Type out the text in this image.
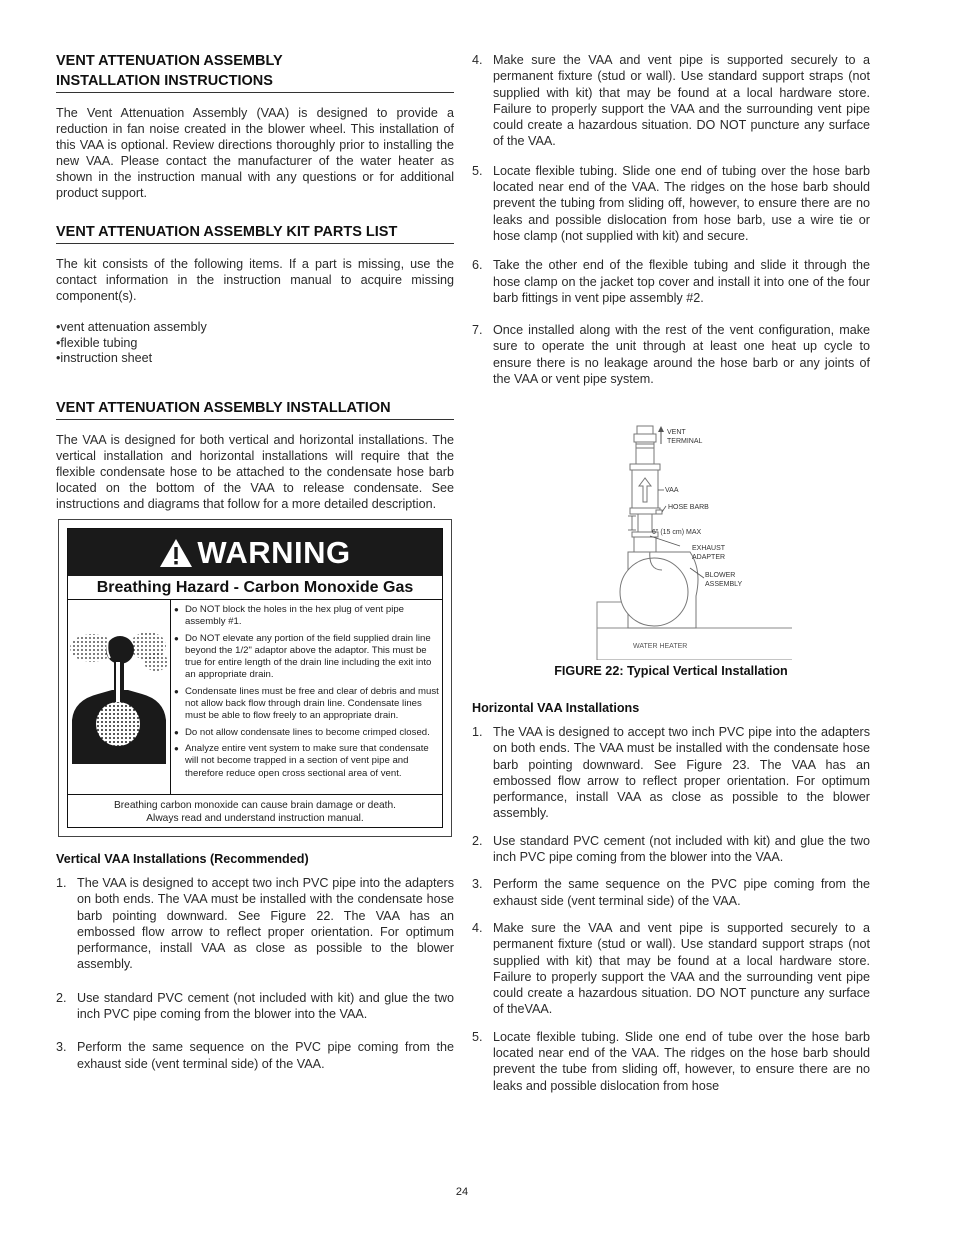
VENT ATTENUATION ASSEMBLY
INSTALLATION INSTRUCTIONS

The Vent Attenuation Assembly (VAA) is designed to provide a reduction in fan noise created in the blower wheel. This installation of this VAA is optional. Review directions thoroughly prior to installing the new VAA. Please contact the manufacturer of the water heater as shown in the instruction manual with any questions or for additional product support.

VENT ATTENUATION ASSEMBLY KIT PARTS LIST

The kit consists of the following items. If a part is missing, use the contact information in the instruction manual to acquire missing component(s).

• vent attenuation assembly
• flexible tubing
• instruction sheet
VENT ATTENUATION ASSEMBLY INSTALLATION

The VAA is designed for both vertical and horizontal installations. The vertical installation and horizontal installations will require that the flexible condensate hose to be attached to the condensate hose barb located on the bottom of the VAA to release condensate. See instructions and diagrams that follow for a more detailed description.

WARNING
Breathing Hazard - Carbon Monoxide Gas
● Do NOT block the holes in the hex plug of vent pipe assembly #1.
● Do NOT elevate any portion of the field supplied drain line beyond the 1/2" adaptor above the adaptor. This must be true for entire length of the drain line including the exit into an appropriate drain.
● Condensate lines must be free and clear of debris and must not allow back flow through drain line. Condensate lines must be able to flow freely to an appropriate drain.
● Do not allow condensate lines to become crimped closed.
● Analyze entire vent system to make sure that condensate will not become trapped in a section of vent pipe and therefore reduce open cross sectional area of vent.
Breathing carbon monoxide can cause brain damage or death.
Always read and understand instruction manual.

Vertical VAA Installations (Recommended)

1. The VAA is designed to accept two inch PVC pipe into the adapters on both ends. The VAA must be installed with the condensate hose barb pointing downward. See Figure 22. The VAA has an embossed flow arrow to reflect proper orientation. For optimum performance, install VAA as close as possible to the blower assembly.
2. Use standard PVC cement (not included with kit) and glue the two inch PVC pipe coming from the blower into the VAA.
3. Perform the same sequence on the PVC pipe coming from the exhaust side (vent terminal side) of the VAA.
4. Make sure the VAA and vent pipe is supported securely to a permanent fixture (stud or wall). Use standard support straps (not supplied with kit) that may be found at a local hardware store. Failure to properly support the VAA and the surrounding vent pipe could create a hazardous situation. DO NOT puncture any surface of the VAA.
5. Locate flexible tubing. Slide one end of tubing over the hose barb located near end of the VAA. The ridges on the hose barb should prevent the tubing from sliding off, however, to ensure there are no leaks and possible dislocation from hose barb, use a wire tie or hose clamp (not supplied with kit) and secure.
6. Take the other end of the flexible tubing and slide it through the hose clamp on the jacket top cover and install it into one of the four barb fittings in vent pipe assembly #2.
7. Once installed along with the rest of the vent configuration, make sure to operate the unit through at least one heat up cycle to ensure there is no leakage around the hose barb or any joints of the VAA or vent pipe system.
VENT
TERMINAL
VAA
HOSE BARB
6" (15 cm) MAX
EXHAUST
ADAPTER
BLOWER
ASSEMBLY
WATER HEATER
FIGURE 22: Typical Vertical Installation

Horizontal VAA Installations

1. The VAA is designed to accept two inch PVC pipe into the adapters on both ends. The VAA must be installed with the condensate hose barb pointing downward. See Figure 23. The VAA has an embossed flow arrow to reflect proper orientation. For optimum performance, install VAA as close as possible to the blower assembly.
2. Use standard PVC cement (not included with kit) and glue the two inch PVC pipe coming from the blower into the VAA.
3. Perform the same sequence on the PVC pipe coming from the exhaust side (vent terminal side) of the VAA.
4. Make sure the VAA and vent pipe is supported securely to a permanent fixture (stud or wall). Use standard support straps (not supplied with kit) that may be found at a local hardware store. Failure to properly support the VAA and the surrounding vent pipe could create a hazardous situation. DO NOT puncture any surface of theVAA.
5. Locate flexible tubing. Slide one end of tube over the hose barb located near end of the VAA. The ridges on the hose barb should prevent the tube from sliding off, however, to ensure there are no leaks and possible dislocation from hose
24
